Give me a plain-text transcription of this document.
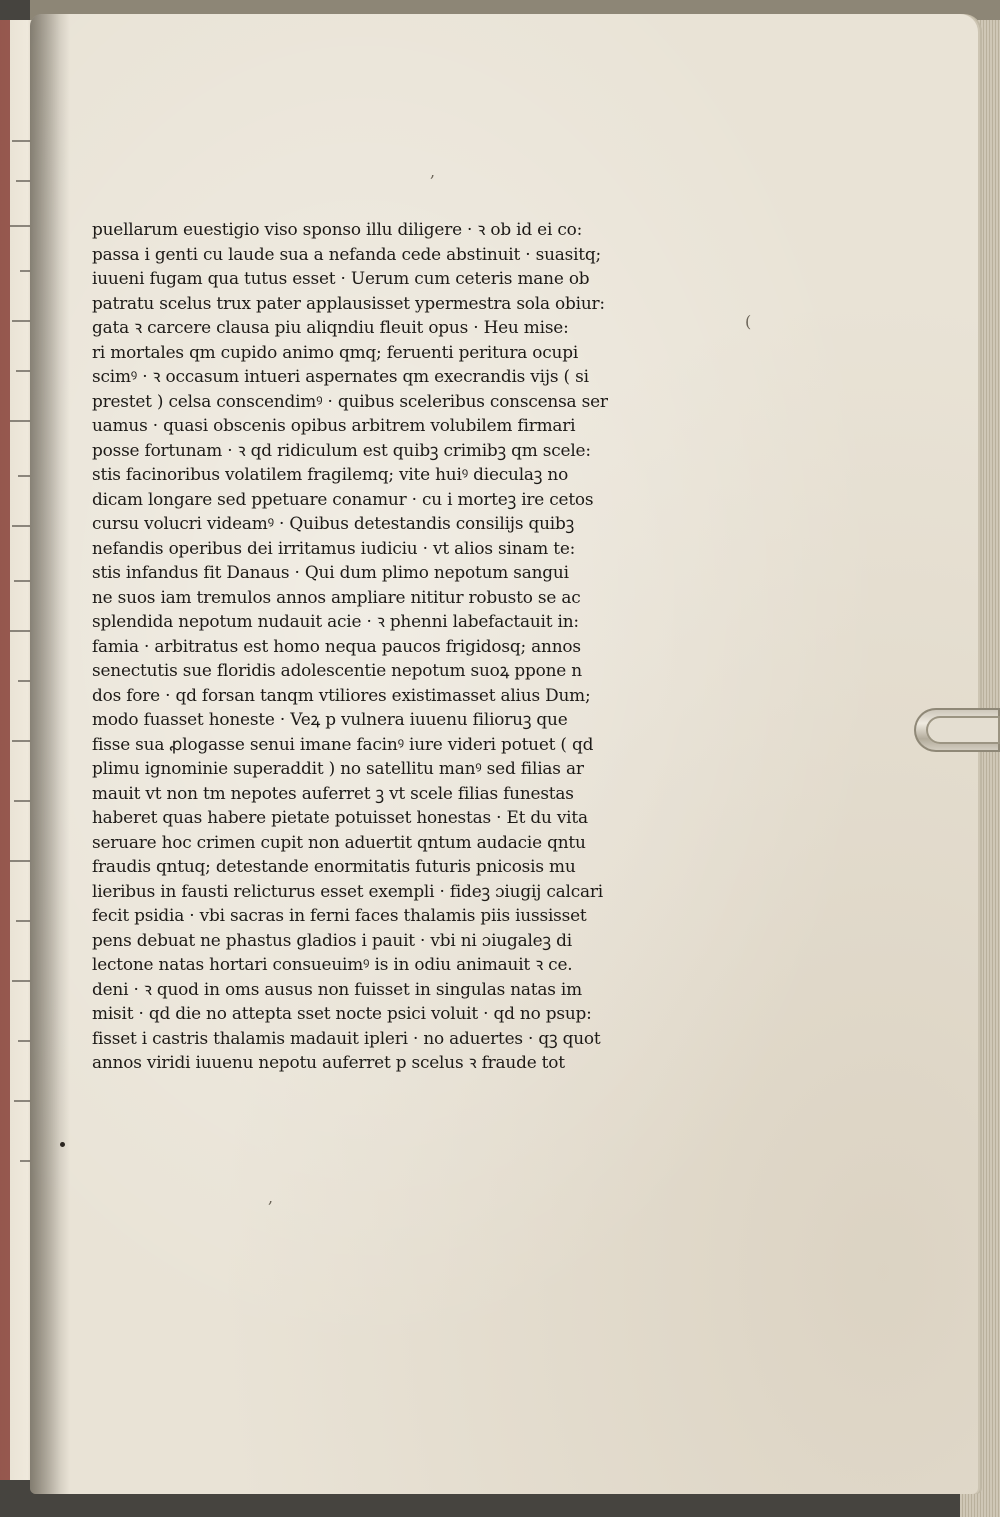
,
(
,
puellarum euestigio viso sponso illu diligere · ꝛ ob id ei co:
passa i genti cu laude sua a nefanda cede abstinuit · suasitq;
iuueni fugam qua tutus esset · Uerum cum ceteris mane ob
patratu scelus trux pater applausisset ypermestra sola obiur:
gata ꝛ carcere clausa piu aliqndiu fleuit opus · Heu mise:
ri mortales qm cupido animo qmq; feruenti peritura ocupi
scimꝰ · ꝛ occasum intueri aspernates qm execrandis vijs ( si
prestet ) celsa conscendimꝰ · quibus sceleribus conscensa ser
uamus · quasi obscenis opibus arbitrem volubilem firmari
posse fortunam · ꝛ qd ridiculum est quibꝫ crimibꝫ qm scele:
stis facinoribus volatilem fragilemq; vite huiꝰ dieculaꝫ no
dicam longare sed ppetuare conamur · cu i morteꝫ ire cetos
cursu volucri videamꝰ · Quibus detestandis consilijs quibꝫ
nefandis operibus dei irritamus iudiciu · vt alios sinam te:
stis infandus fit Danaus · Qui dum plimo nepotum sangui
ne suos iam tremulos annos ampliare nititur robusto se ac
splendida nepotum nudauit acie · ꝛ phenni labefactauit in:
famia · arbitratus est homo nequa paucos frigidosq; annos
senectutis sue floridis adolescentie nepotum suoꝝ ppone n
dos fore · qd forsan tanqm vtiliores existimasset alius Dum;
modo fuasset honeste · Veꝝ p vulnera iuuenu filioruꝫ que
fisse sua ꝓlogasse senui imane facinꝰ iure videri potuet ( qd
plimu ignominie superaddit ) no satellitu manꝰ sed filias ar
mauit vt non tm nepotes auferret ꝫ vt scele filias funestas
haberet quas habere pietate potuisset honestas · Et du vita
seruare hoc crimen cupit non aduertit qntum audacie qntu
fraudis qntuq; detestande enormitatis futuris pnicosis mu
lieribus in fausti relicturus esset exempli · fideꝫ ɔiugij calcari
fecit psidia · vbi sacras in ferni faces thalamis piis iussisset
pens debuat ne phastus gladios i pauit · vbi ni ɔiugaleꝫ di
lectone natas hortari consueuimꝰ is in odiu animauit ꝛ ce.
deni · ꝛ quod in oms ausus non fuisset in singulas natas im
misit · qd die no attepta sset nocte psici voluit · qd no psup:
fisset i castris thalamis madauit ipleri · no aduertes · qꝫ quot
annos viridi iuuenu nepotu auferret p scelus ꝛ fraude tot
